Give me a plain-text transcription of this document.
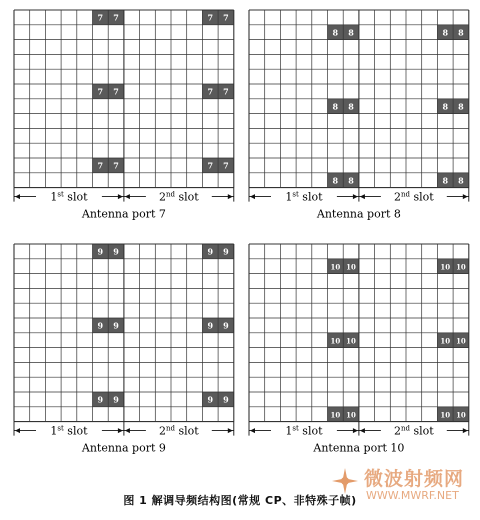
7 7	7 7
7 7	7 7
7 7	7 7
1st slot	2nd slot
Antenna port 7
8 8	8 8
8 8	8 8
8 8	8 8
1st slot	2nd slot
Antenna port 8
9 9	9 9
9 9	9 9
9 9	9 9
1st slot	2nd slot
Antenna port 9
10 10	10 10
10 10	10 10
10 10	10 10
1st slot	2nd slot
Antenna port 10
图 1 解调导频结构图(常规 CP、非特殊子帧)
微波射频网
WWW.MWRF.NET
